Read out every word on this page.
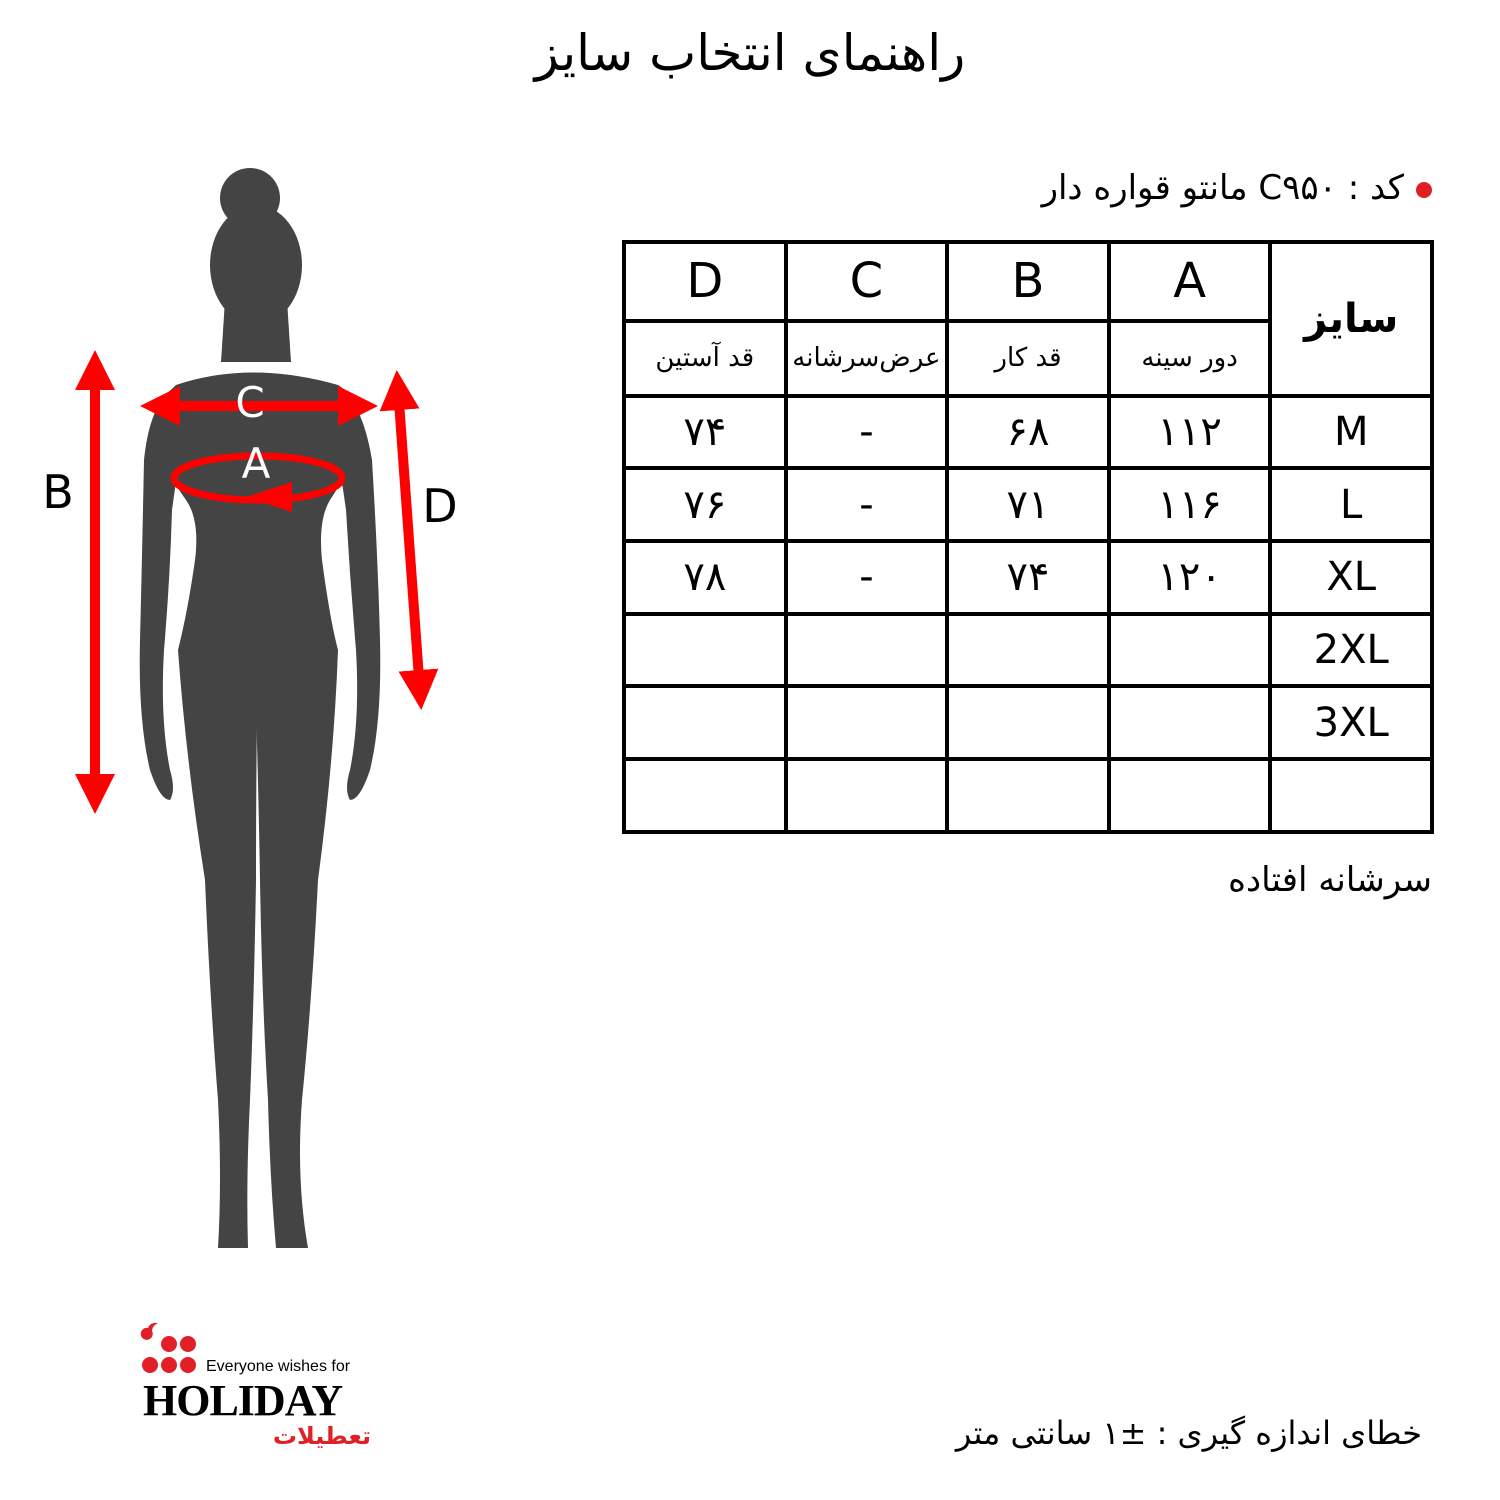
راهنمای انتخاب سایز
کد : C۹۵۰ مانتو قواره دار
سایز	A	B	C	D
	دور سینه	قد کار	عرض‌سرشانه	قد آستین
M	۱۱۲	۶۸	-	۷۴
L	۱۱۶	۷۱	-	۷۶
XL	۱۲۰	۷۴	-	۷۸
2XL				
3XL				

سرشانه افتاده
C
A
B	D
خطای اندازه گیری : ±۱ سانتی متر
Everyone wishes for
HOLIDAY
تعطیلات
